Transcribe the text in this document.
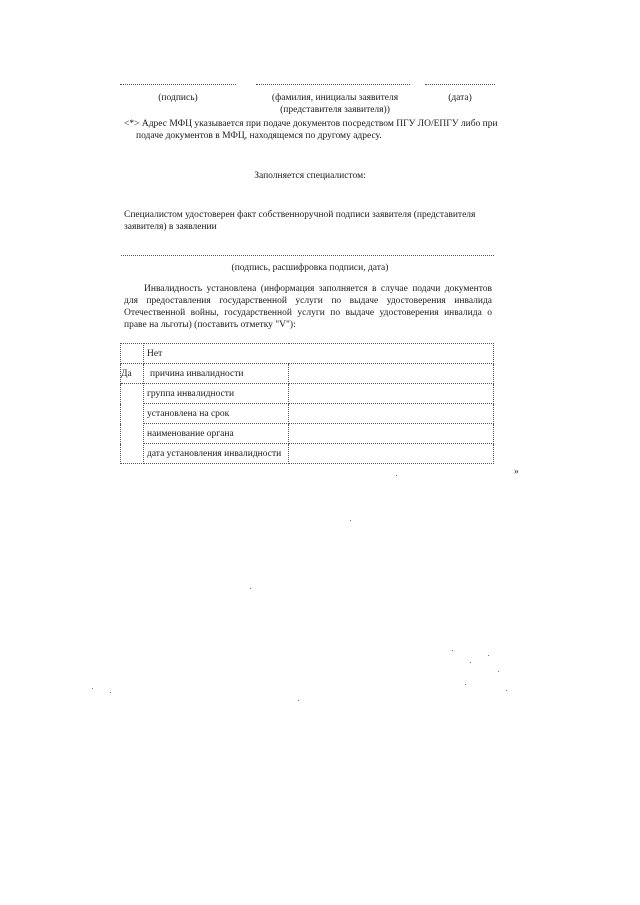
(подпись)	(фамилия, инициалы заявителя
(представителя заявителя))
(дата)
<*> Адрес МФЦ указывается при подаче документов посредством ПГУ ЛО/ЕПГУ либо при
подаче документов в МФЦ, находящемся по другому адресу.
Заполняется специалистом:
Специалистом удостоверен факт собственноручной подписи заявителя (представителя
заявителя) в заявлении
(подпись, расшифровка подписи, дата)
Инвалидность установлена (информация заполняется в случае подачи документов для предоставления государственной услуги по выдаче удостоверения инвалида Отечественной войны, государственной услуги по выдаче удостоверения инвалида о праве на льготы) (поставить отметку "V"):
	Нет	

	Да причина инвалидности	

	группа инвалидности	
	установлена на срок	
	наименование органа	
	дата установления инвалидности	
»
